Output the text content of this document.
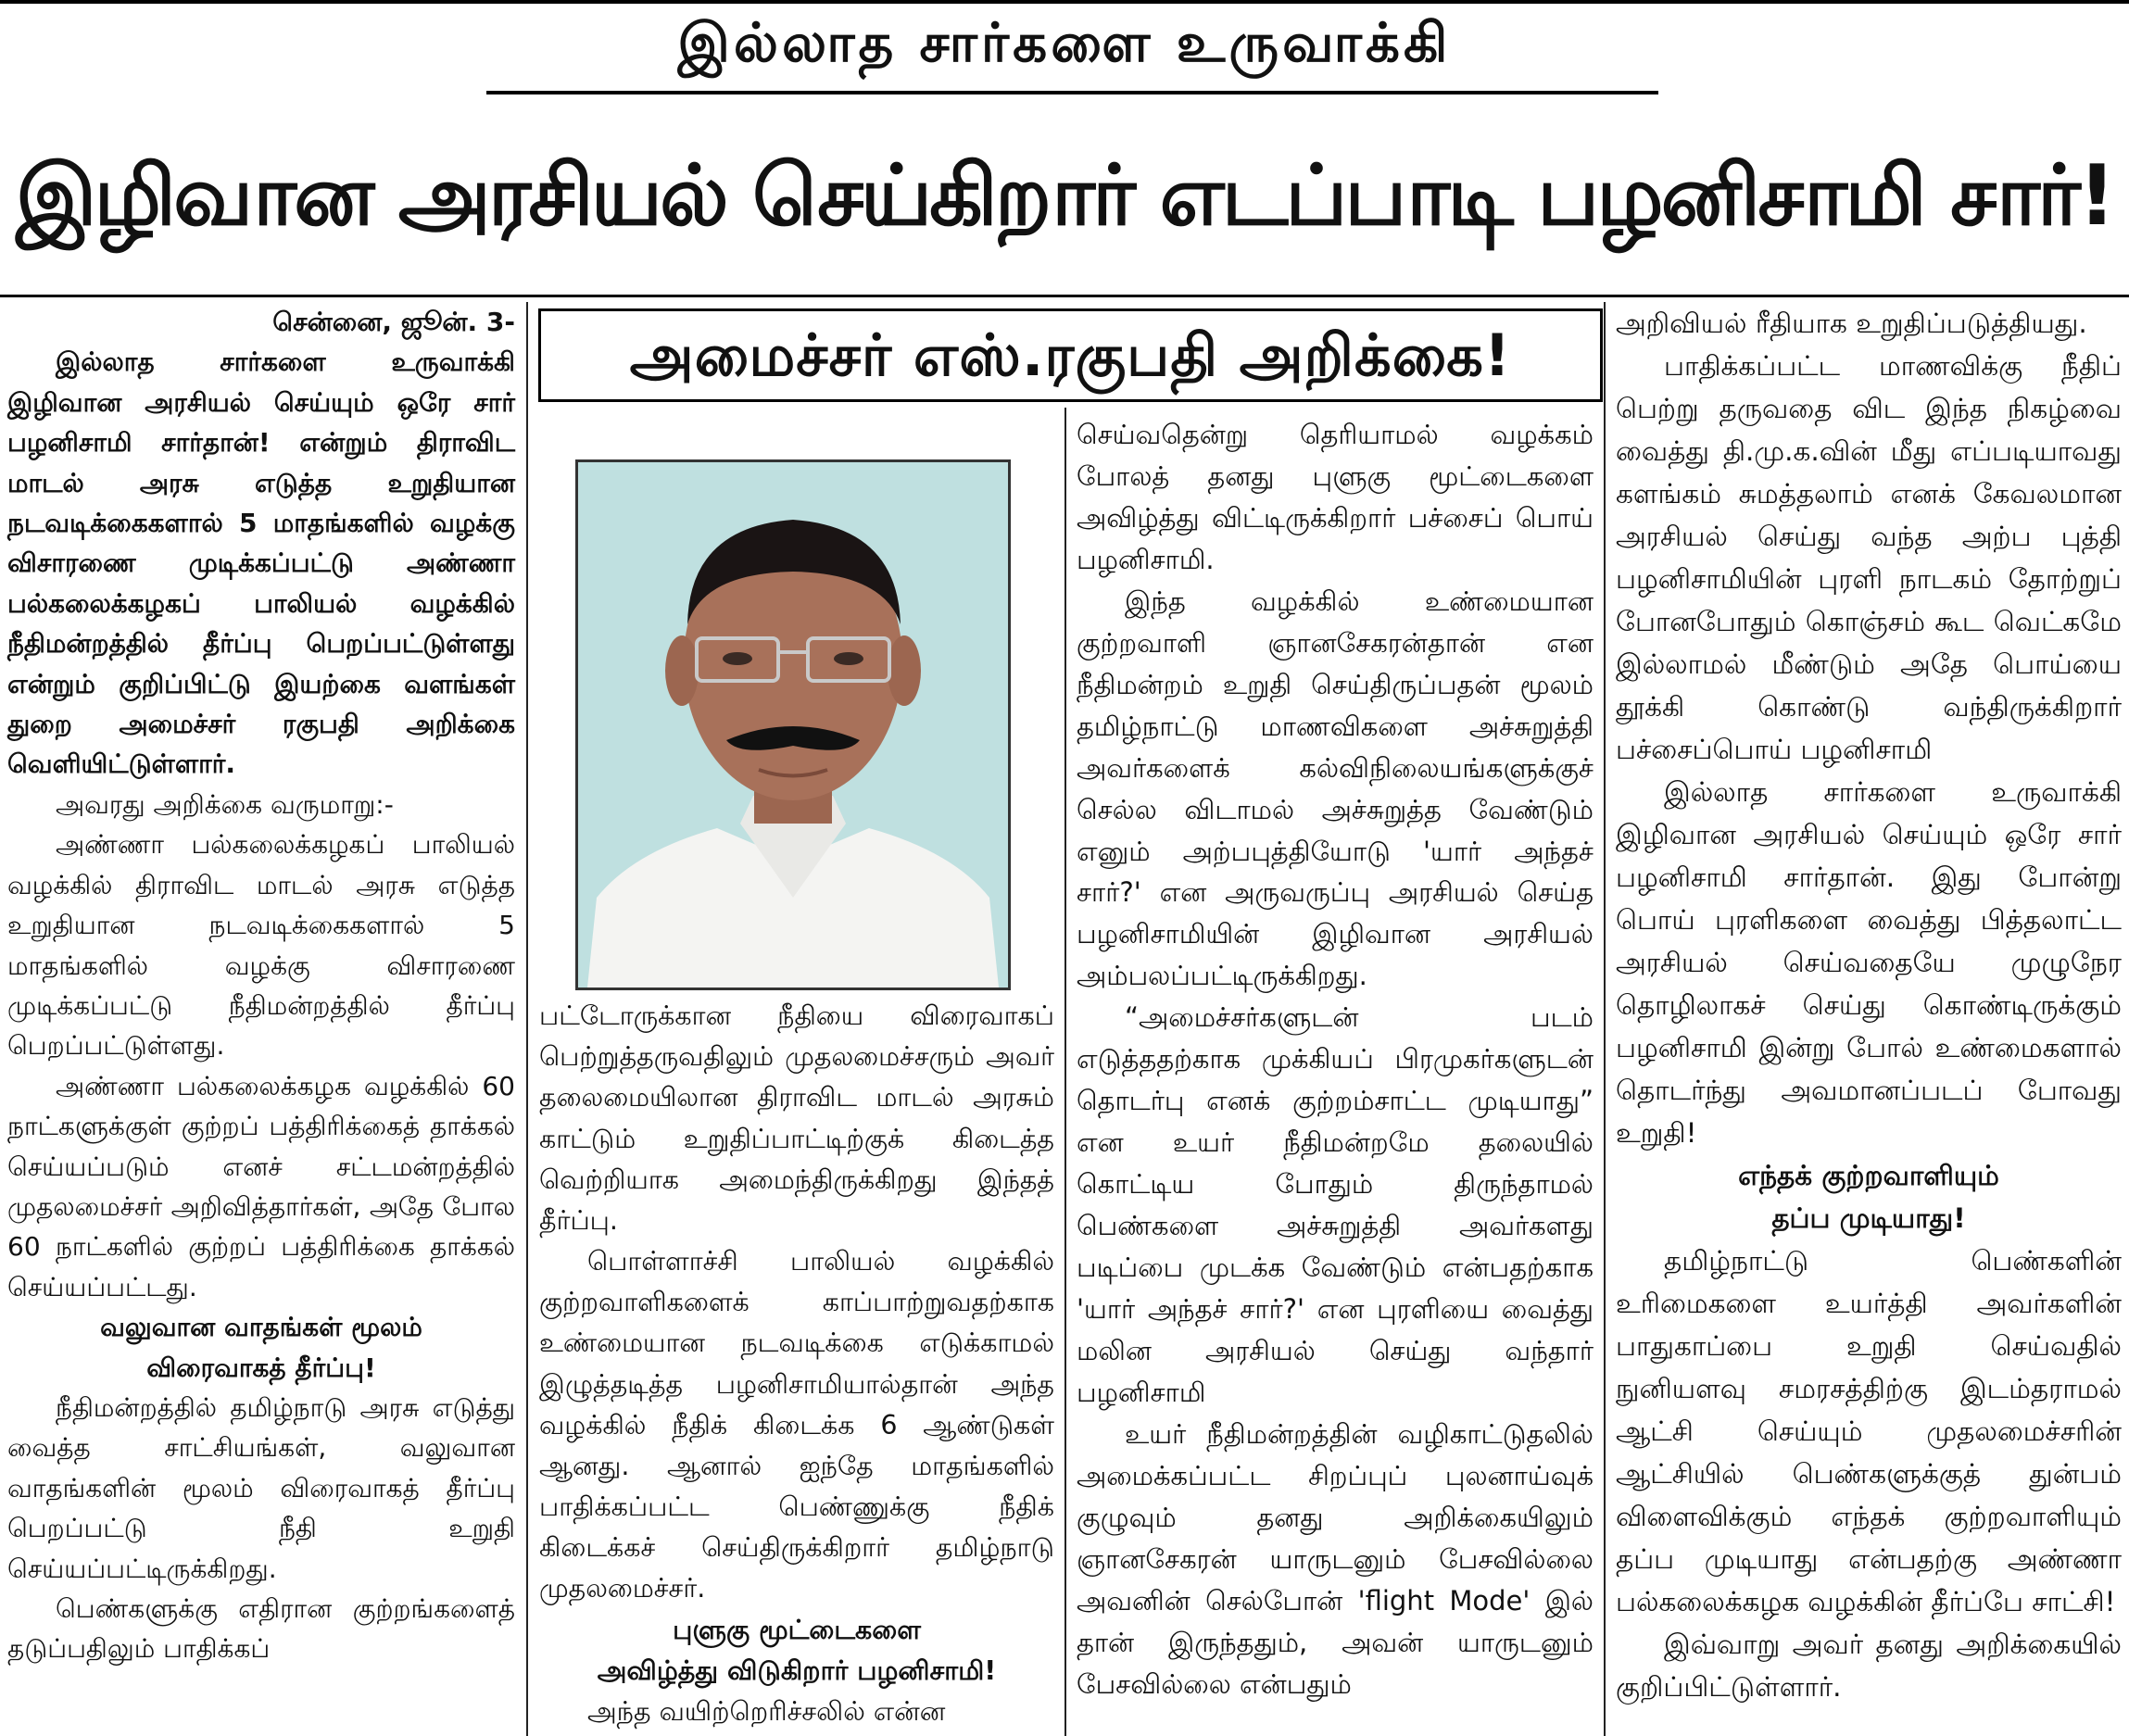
இல்லாத சார்களை உருவாக்கி
இழிவான அரசியல் செய்கிறார் எடப்பாடி பழனிசாமி சார்!
அமைச்சர் எஸ்.ரகுபதி அறிக்கை!

சென்னை, ஜூன். 3-

இல்லாத சார்களை உருவாக்கி இழிவான அரசியல் செய்யும் ஒரே சார் பழனிசாமி சார்தான்! என்றும் திராவிட மாடல் அரசு எடுத்த உறுதியான நடவடிக்கைகளால் 5 மாதங்களில் வழக்கு விசாரணை முடிக்கப்பட்டு அண்ணா பல்கலைக்கழகப் பாலியல் வழக்கில் நீதிமன்றத்தில் தீர்ப்பு பெறப்பட்டுள்ளது என்றும் குறிப்பிட்டு இயற்கை வளங்கள் துறை அமைச்சர் ரகுபதி அறிக்கை வெளியிட்டுள்ளார்.

அவரது அறிக்கை வருமாறு:-

அண்ணா பல்கலைக்கழகப் பாலியல் வழக்கில் திராவிட மாடல் அரசு எடுத்த உறுதியான நடவடிக்கைகளால் 5 மாதங்களில் வழக்கு விசாரணை முடிக்கப்பட்டு நீதிமன்றத்தில் தீர்ப்பு பெறப்பட்டுள்ளது.

அண்ணா பல்கலைக்கழக வழக்கில் 60 நாட்களுக்குள் குற்றப் பத்திரிக்கைத் தாக்கல் செய்யப்படும் எனச் சட்டமன்றத்தில் முதலமைச்சர் அறிவித்தார்கள், அதே போல 60 நாட்களில் குற்றப் பத்திரிக்கை தாக்கல் செய்யப்பட்டது.

வலுவான வாதங்கள் மூலம்

விரைவாகத் தீர்ப்பு!

நீதிமன்றத்தில் தமிழ்நாடு அரசு எடுத்து வைத்த சாட்சியங்கள், வலுவான வாதங்களின் மூலம் விரைவாகத் தீர்ப்பு பெறப்பட்டு நீதி உறுதி செய்யப்பட்டிருக்கிறது.

பெண்களுக்கு எதிரான குற்றங்களைத் தடுப்பதிலும் பாதிக்கப்

பட்டோருக்கான நீதியை விரைவாகப் பெற்றுத்தருவதிலும் முதலமைச்சரும் அவர் தலைமையிலான திராவிட மாடல் அரசும் காட்டும் உறுதிப்பாட்டிற்குக் கிடைத்த வெற்றியாக அமைந்திருக்கிறது இந்தத் தீர்ப்பு.

பொள்ளாச்சி பாலியல் வழக்கில் குற்றவாளிகளைக் காப்பாற்றுவதற்காக உண்மையான நடவடிக்கை எடுக்காமல் இழுத்தடித்த பழனிசாமியால்தான் அந்த வழக்கில் நீதிக் கிடைக்க 6 ஆண்டுகள் ஆனது. ஆனால் ஐந்தே மாதங்களில் பாதிக்கப்பட்ட பெண்ணுக்கு நீதிக் கிடைக்கச் செய்திருக்கிறார் தமிழ்நாடு முதலமைச்சர்.

புளுகு மூட்டைகளை

அவிழ்த்து விடுகிறார் பழனிசாமி!

அந்த வயிற்றெரிச்சலில் என்ன

செய்வதென்று தெரியாமல் வழக்கம் போலத் தனது புளுகு மூட்டைகளை அவிழ்த்து விட்டிருக்கிறார் பச்சைப் பொய் பழனிசாமி.

இந்த வழக்கில் உண்மையான குற்றவாளி ஞானசேகரன்தான் என நீதிமன்றம் உறுதி செய்திருப்பதன் மூலம் தமிழ்நாட்டு மாணவிகளை அச்சுறுத்தி அவர்களைக் கல்விநிலையங்களுக்குச் செல்ல விடாமல் அச்சுறுத்த வேண்டும் எனும் அற்பபுத்தியோடு 'யார் அந்தச் சார்?' என அருவருப்பு அரசியல் செய்த பழனிசாமியின் இழிவான அரசியல் அம்பலப்பட்டிருக்கிறது.

“அமைச்சர்களுடன் படம் எடுத்ததற்காக முக்கியப் பிரமுகர்களுடன் தொடர்பு எனக் குற்றம்சாட்ட முடியாது” என உயர் நீதிமன்றமே தலையில் கொட்டிய போதும் திருந்தாமல் பெண்களை அச்சுறுத்தி அவர்களது படிப்பை முடக்க வேண்டும் என்பதற்காக 'யார் அந்தச் சார்?' என புரளியை வைத்து மலின அரசியல் செய்து வந்தார் பழனிசாமி

உயர் நீதிமன்றத்தின் வழிகாட்டுதலில் அமைக்கப்பட்ட சிறப்புப் புலனாய்வுக் குழுவும் தனது அறிக்கையிலும் ஞானசேகரன் யாருடனும் பேசவில்லை அவனின் செல்போன் 'flight Mode' இல் தான் இருந்ததும், அவன் யாருடனும் பேசவில்லை என்பதும்

அறிவியல் ரீதியாக உறுதிப்படுத்தியது.

பாதிக்கப்பட்ட மாணவிக்கு நீதிப் பெற்று தருவதை விட இந்த நிகழ்வை வைத்து தி.மு.க.வின் மீது எப்படியாவது களங்கம் சுமத்தலாம் எனக் கேவலமான அரசியல் செய்து வந்த அற்ப புத்தி பழனிசாமியின் புரளி நாடகம் தோற்றுப் போனபோதும் கொஞ்சம் கூட வெட்கமே இல்லாமல் மீண்டும் அதே பொய்யை தூக்கி கொண்டு வந்திருக்கிறார் பச்சைப்பொய் பழனிசாமி

இல்லாத சார்களை உருவாக்கி இழிவான அரசியல் செய்யும் ஒரே சார் பழனிசாமி சார்தான். இது போன்று பொய் புரளிகளை வைத்து பித்தலாட்ட அரசியல் செய்வதையே முழுநேர தொழிலாகச் செய்து கொண்டிருக்கும் பழனிசாமி இன்று போல் உண்மைகளால் தொடர்ந்து அவமானப்படப் போவது உறுதி!

எந்தக் குற்றவாளியும்

தப்ப முடியாது!

தமிழ்நாட்டு பெண்களின் உரிமைகளை உயர்த்தி அவர்களின் பாதுகாப்பை உறுதி செய்வதில் நுனியளவு சமரசத்திற்கு இடம்தராமல் ஆட்சி செய்யும் முதலமைச்சரின் ஆட்சியில் பெண்களுக்குத் துன்பம் விளைவிக்கும் எந்தக் குற்றவாளியும் தப்ப முடியாது என்பதற்கு அண்ணா பல்கலைக்கழக வழக்கின் தீர்ப்பே சாட்சி!

இவ்வாறு அவர் தனது அறிக்கையில் குறிப்பிட்டுள்ளார்.
